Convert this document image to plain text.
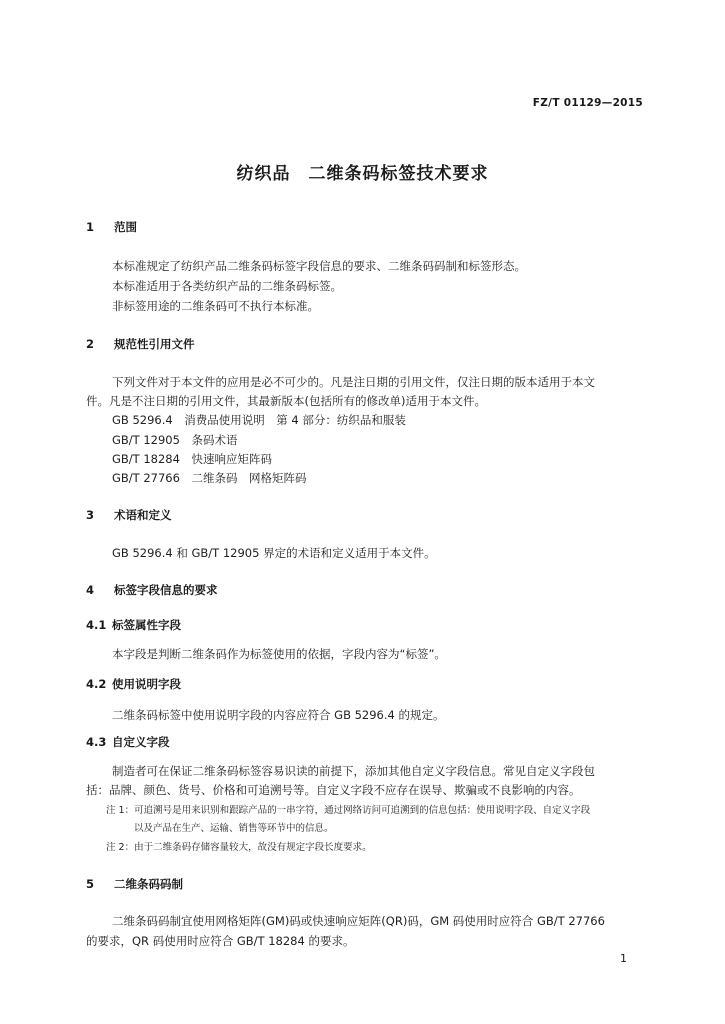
FZ/T 01129—2015
纺织品　二维条码标签技术要求
1 范围
本标准规定了纺织产品二维条码标签字段信息的要求、二维条码码制和标签形态。
本标准适用于各类纺织产品的二维条码标签。
非标签用途的二维条码可不执行本标准。
2 规范性引用文件
下列文件对于本文件的应用是必不可少的。凡是注日期的引用文件，仅注日期的版本适用于本文
件。凡是不注日期的引用文件，其最新版本(包括所有的修改单)适用于本文件。
GB 5296.4　消费品使用说明　第 4 部分：纺织品和服装
GB/T 12905　条码术语
GB/T 18284　快速响应矩阵码
GB/T 27766　二维条码　网格矩阵码
3 术语和定义
GB 5296.4 和 GB/T 12905 界定的术语和定义适用于本文件。
4 标签字段信息的要求
4.1 标签属性字段
本字段是判断二维条码作为标签使用的依据，字段内容为“标签”。
4.2 使用说明字段
二维条码标签中使用说明字段的内容应符合 GB 5296.4 的规定。
4.3 自定义字段
制造者可在保证二维条码标签容易识读的前提下，添加其他自定义字段信息。常见自定义字段包
括：品牌、颜色、货号、价格和可追溯号等。自定义字段不应存在误导、欺骗或不良影响的内容。
注 1：可追溯号是用来识别和跟踪产品的一串字符，通过网络访问可追溯到的信息包括：使用说明字段、自定义字段
以及产品在生产、运输、销售等环节中的信息。
注 2：由于二维条码存储容量较大，故没有规定字段长度要求。
5 二维条码码制
二维条码码制宜使用网格矩阵(GM)码或快速响应矩阵(QR)码，GM 码使用时应符合 GB/T 27766
的要求，QR 码使用时应符合 GB/T 18284 的要求。
1
